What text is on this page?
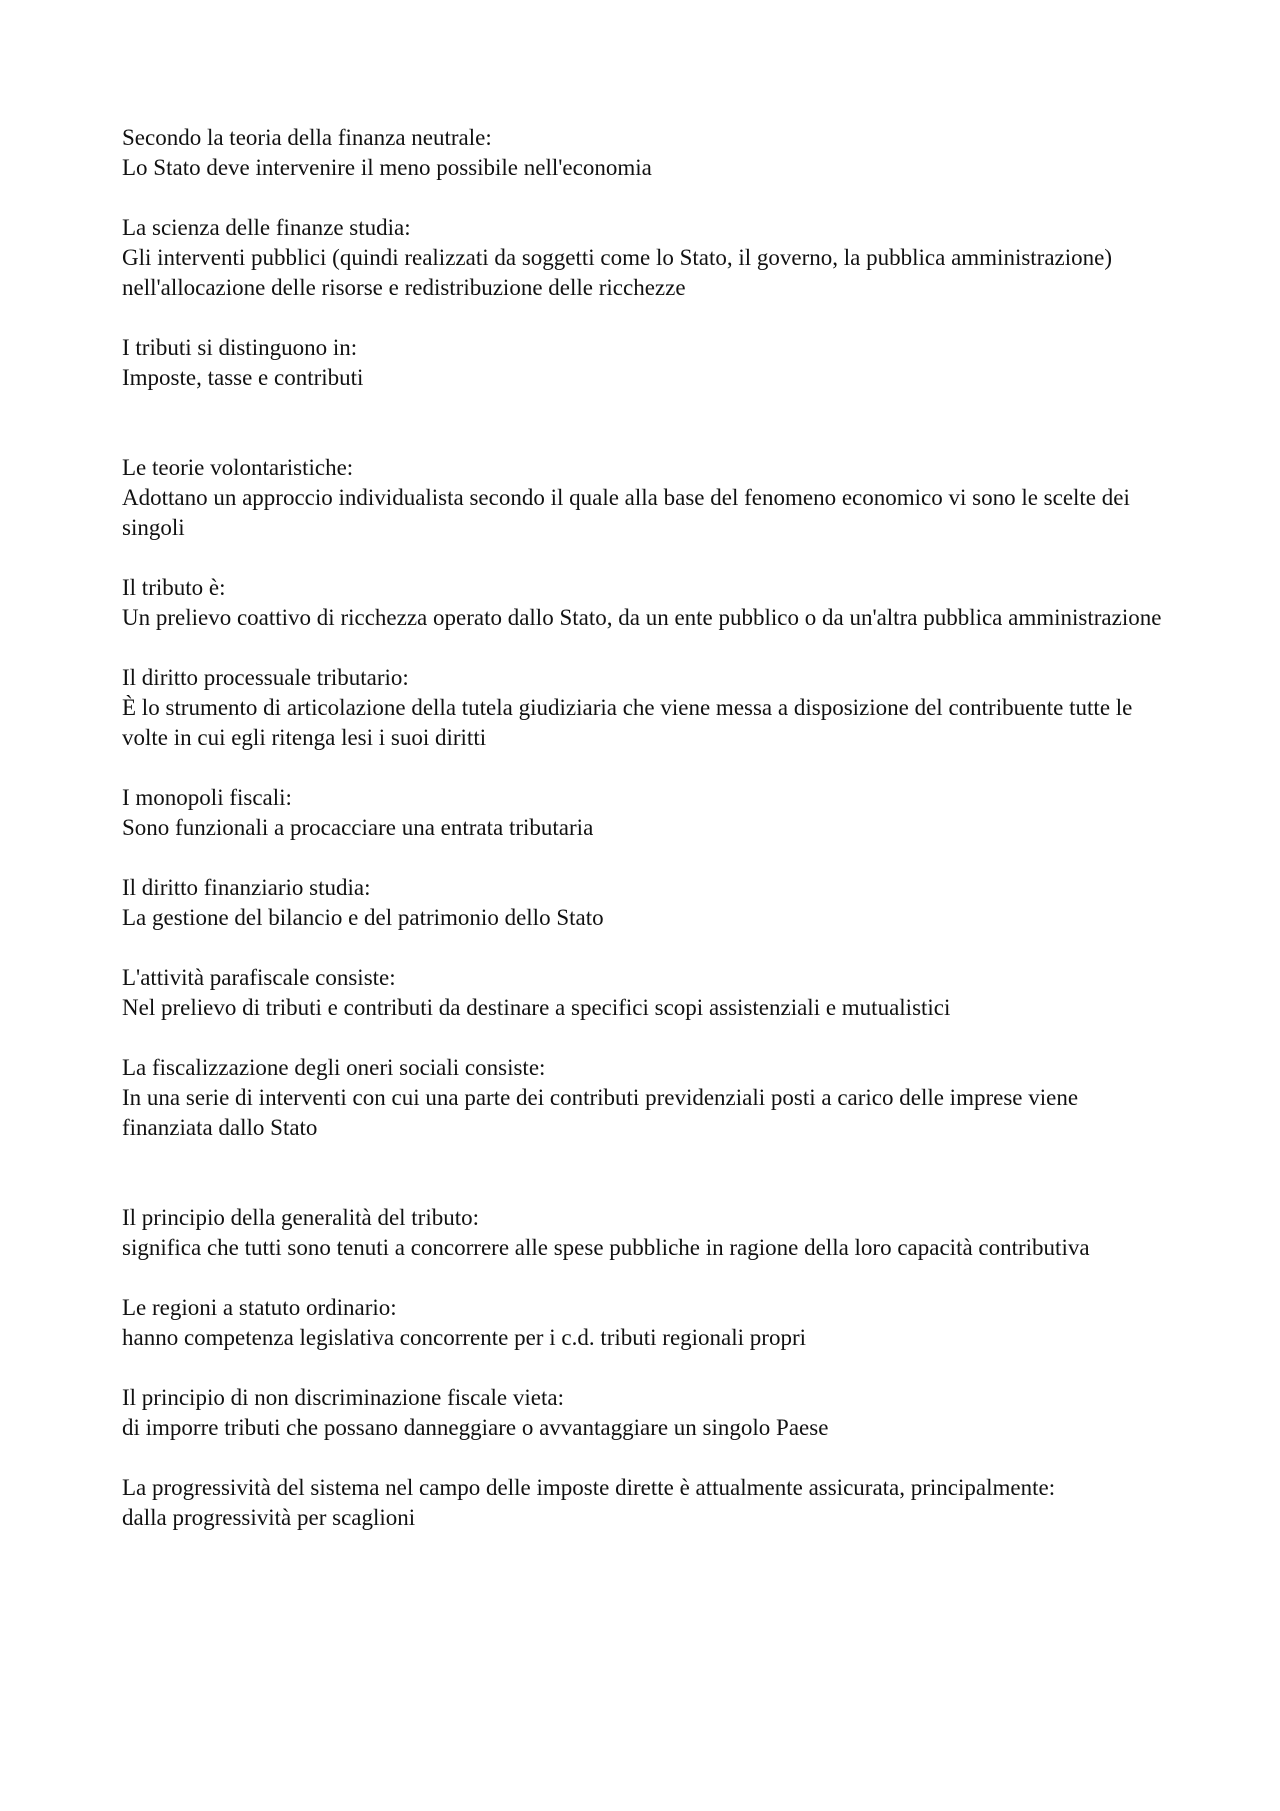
Secondo la teoria della finanza neutrale:

Lo Stato deve intervenire il meno possibile nell'economia

La scienza delle finanze studia:

Gli interventi pubblici (quindi realizzati da soggetti come lo Stato, il governo, la pubblica amministrazione) nell'allocazione delle risorse e redistribuzione delle ricchezze

I tributi si distinguono in:

Imposte, tasse e contributi

Le teorie volontaristiche:

Adottano un approccio individualista secondo il quale alla base del fenomeno economico vi sono le scelte dei singoli

Il tributo è:

Un prelievo coattivo di ricchezza operato dallo Stato, da un ente pubblico o da un'altra pubblica amministrazione

Il diritto processuale tributario:

È lo strumento di articolazione della tutela giudiziaria che viene messa a disposizione del contribuente tutte le volte in cui egli ritenga lesi i suoi diritti

I monopoli fiscali:

Sono funzionali a procacciare una entrata tributaria

Il diritto finanziario studia:

La gestione del bilancio e del patrimonio dello Stato

L'attività parafiscale consiste:

Nel prelievo di tributi e contributi da destinare a specifici scopi assistenziali e mutualistici

La fiscalizzazione degli oneri sociali consiste:

In una serie di interventi con cui una parte dei contributi previdenziali posti a carico delle imprese viene finanziata dallo Stato

Il principio della generalità del tributo:

significa che tutti sono tenuti a concorrere alle spese pubbliche in ragione della loro capacità contributiva

Le regioni a statuto ordinario:

hanno competenza legislativa concorrente per i c.d. tributi regionali propri

Il principio di non discriminazione fiscale vieta:

di imporre tributi che possano danneggiare o avvantaggiare un singolo Paese

La progressività del sistema nel campo delle imposte dirette è attualmente assicurata, principalmente:

dalla progressività per scaglioni
